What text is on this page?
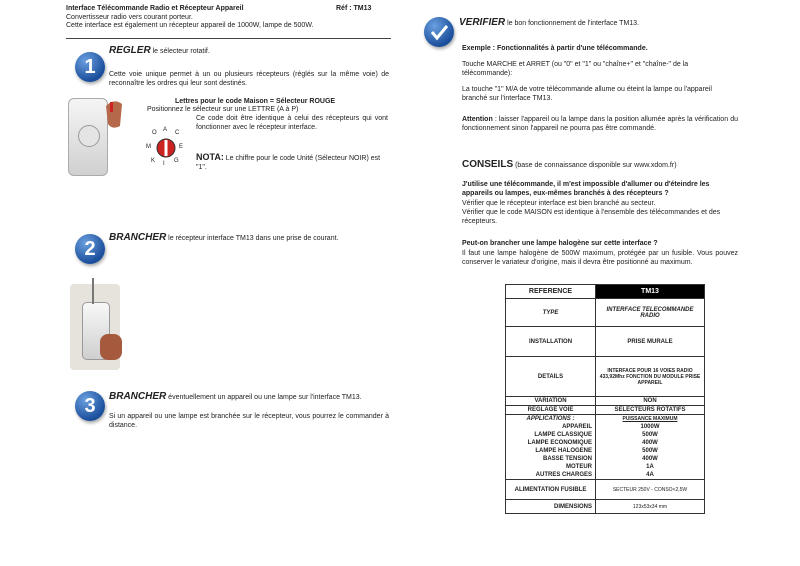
Interface Télécommande Radio et Récepteur Appareil	Réf : TM13
Convertisseur radio vers courant porteur.
Cette interface est également un récepteur appareil de 1000W, lampe de 500W.
1
REGLER le sélecteur rotatif.
Cette voie unique permet à un ou plusieurs récepteurs (réglés sur la même voie) de reconnaître les ordres qui leur sont destinés.
Lettres pour le code Maison = Sélecteur ROUGE
Positionnez le sélecteur sur une LETTRE (A à P)
Ce code doit être identique à celui des récepteurs qui vont fonctionner avec le récepteur interface.
A
O	C
E
G
I
K
M
NOTA: Le chiffre pour le code Unité (Sélecteur NOIR) est "1".
2	BRANCHER le récepteur interface TM13 dans une prise de courant.
3	BRANCHER éventuellement un appareil ou une lampe sur l'interface TM13.
Si un appareil ou une lampe est branchée sur le récepteur, vous pourrez le commander à distance.
VERIFIER le bon fonctionnement de l'interface TM13.
Exemple : Fonctionnalités à partir d'une télécommande.
Touche MARCHE et ARRET (ou "0" et "1" ou "chaîne+" et "chaîne-" de la télécommande):
La touche "1" M/A de votre télécommande allume ou éteint la lampe ou l'appareil branché sur l'interface TM13.
Attention : laisser l'appareil ou la lampe dans la position allumée après la vérification du fonctionnement sinon l'appareil ne pourra pas être commandé.
CONSEILS (base de connaissance disponible sur www.xdom.fr)
J'utilise une télécommande, il m'est impossible d'allumer ou d'éteindre les appareils ou lampes, eux-mêmes branchés à des récepteurs ?
Vérifier que le récepteur interface est bien branché au secteur.
Vérifier que le code MAISON est identique à l'ensemble des télécommandes et des récepteurs.
Peut-on brancher une lampe halogène sur cette interface ?
Il faut une lampe halogène de 500W maximum, protégée par un fusible. Vous pouvez conserver le variateur d'origine, mais il devra être positionné au maximum.
REFERENCE	TM13
TYPE	INTERFACE TELECOMMANDE RADIO
INSTALLATION	PRISE MURALE
DETAILS	INTERFACE POUR 16 VOIES RADIO 433,92Mhz FONCTION DU MODULE PRISE APPAREIL
VARIATION	NON
REGLAGE VOIE	SELECTEURS ROTATIFS
APPLICATIONS :	PUISSANCE MAXIMUM
APPAREIL	1000W
LAMPE CLASSIQUE	500W
LAMPE ECONOMIQUE	400W
LAMPE HALOGENE	500W
BASSE TENSION	400W
MOTEUR	1A
AUTRES CHARGES	4A
ALIMENTATION FUSIBLE	SECTEUR 250V - CONSO<2,5W
DIMENSIONS	123x53x34 mm
